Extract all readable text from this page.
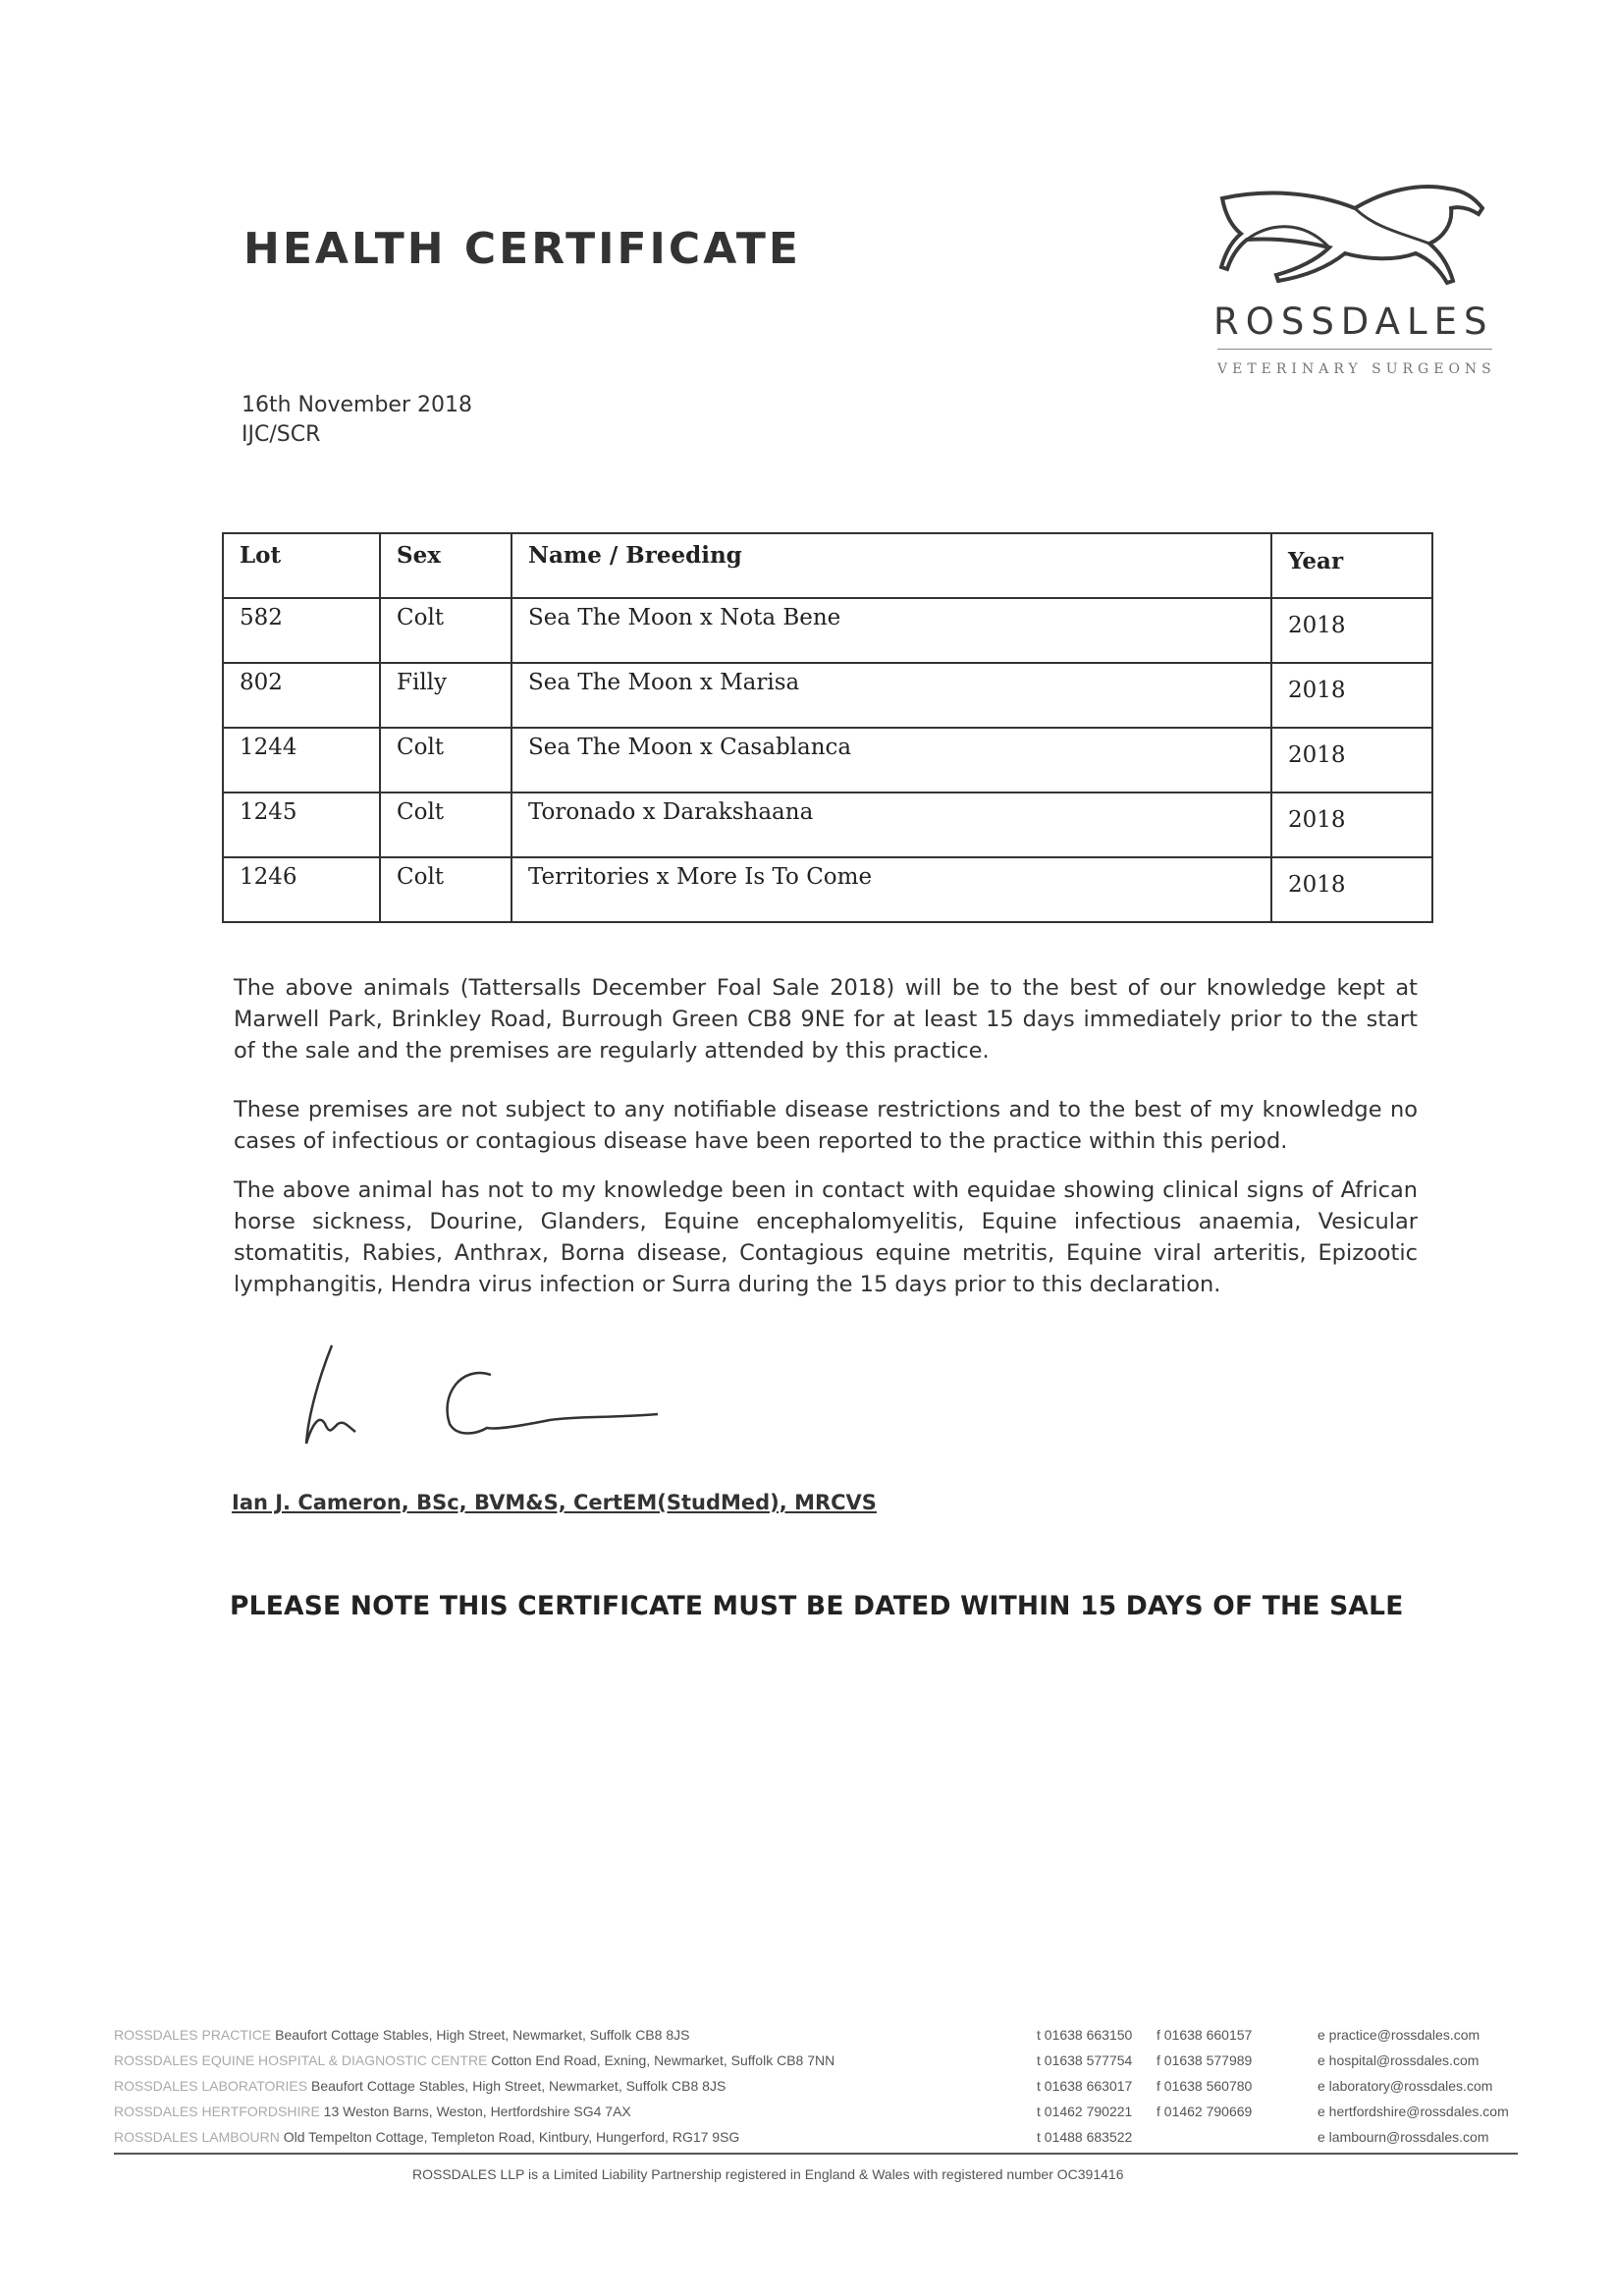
HEALTH CERTIFICATE
ROSSDALES
VETERINARY SURGEONS
16th November 2018
IJC/SCR
Lot	Sex	Name / Breeding	Year
582	Colt	Sea The Moon x Nota Bene	2018
802	Filly	Sea The Moon x Marisa	2018
1244	Colt	Sea The Moon x Casablanca	2018
1245	Colt	Toronado x Darakshaana	2018
1246	Colt	Territories x More Is To Come	2018
The above animals (Tattersalls December Foal Sale 2018) will be to the best of our knowledge kept at Marwell Park, Brinkley Road, Burrough Green CB8 9NE for at least 15 days immediately prior to the start of the sale and the premises are regularly attended by this practice.
These premises are not subject to any notifiable disease restrictions and to the best of my knowledge no cases of infectious or contagious disease have been reported to the practice within this period.
The above animal has not to my knowledge been in contact with equidae showing clinical signs of African horse sickness, Dourine, Glanders, Equine encephalomyelitis, Equine infectious anaemia, Vesicular stomatitis, Rabies, Anthrax, Borna disease, Contagious equine metritis, Equine viral arteritis, Epizootic lymphangitis, Hendra virus infection or Surra during the 15 days prior to this declaration.
Ian J. Cameron, BSc, BVM&S, CertEM(StudMed), MRCVS
PLEASE NOTE THIS CERTIFICATE MUST BE DATED WITHIN 15 DAYS OF THE SALE
ROSSDALES PRACTICE Beaufort Cottage Stables, High Street, Newmarket, Suffolk CB8 8JS	t 01638 663150 f 01638 660157	e practice@rossdales.com
ROSSDALES EQUINE HOSPITAL & DIAGNOSTIC CENTRE Cotton End Road, Exning, Newmarket, Suffolk CB8 7NN	t 01638 577754 f 01638 577989	e hospital@rossdales.com
ROSSDALES LABORATORIES Beaufort Cottage Stables, High Street, Newmarket, Suffolk CB8 8JS	t 01638 663017 f 01638 560780	e laboratory@rossdales.com
ROSSDALES HERTFORDSHIRE 13 Weston Barns, Weston, Hertfordshire SG4 7AX	t 01462 790221 f 01462 790669	e hertfordshire@rossdales.com
ROSSDALES LAMBOURN Old Tempelton Cottage, Templeton Road, Kintbury, Hungerford, RG17 9SG	t 01488 683522	e lambourn@rossdales.com
ROSSDALES LLP is a Limited Liability Partnership registered in England & Wales with registered number OC391416
